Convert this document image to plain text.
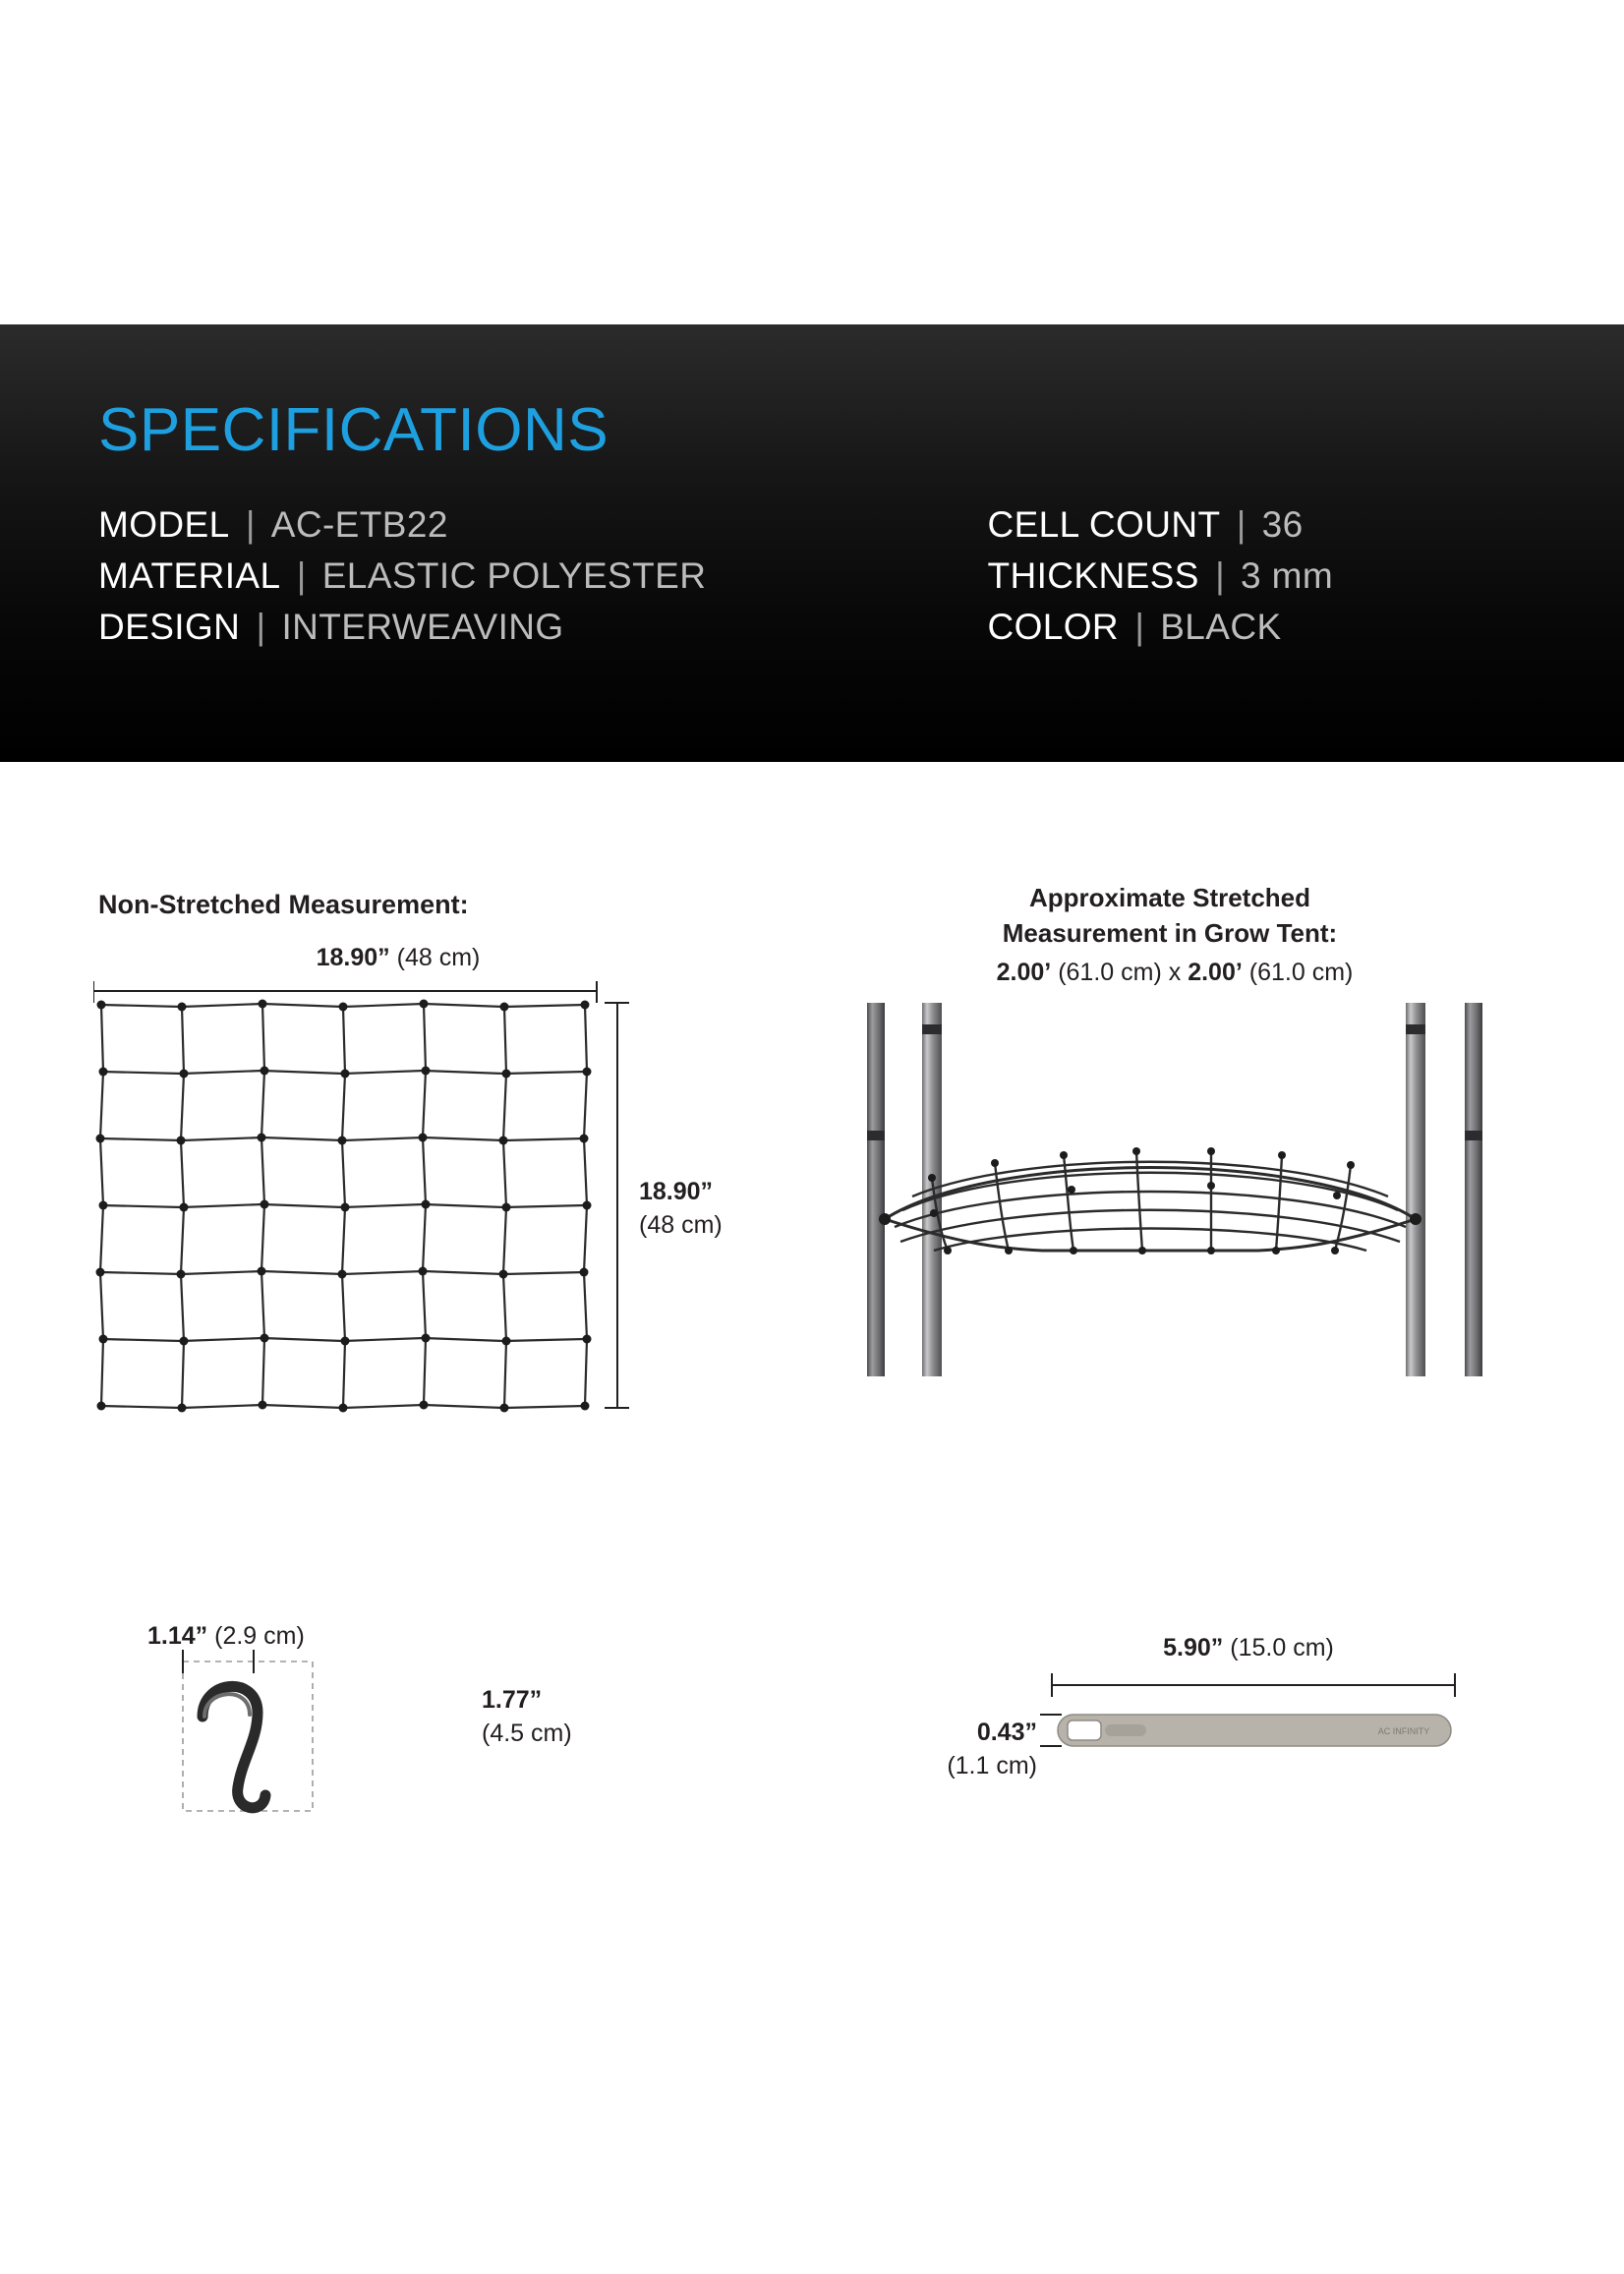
SPECIFICATIONS
MODEL | AC-ETB22
MATERIAL | ELASTIC POLYESTER
DESIGN | INTERWEAVING

CELL COUNT | 36
THICKNESS | 3 mm
COLOR | BLACK
Non-Stretched Measurement:	Approximate Stretched
Measurement in Grow Tent:
2.00’ (61.0 cm) x 2.00’ (61.0 cm)
18.90” (48 cm)
18.90”
(48 cm)
1.14” (2.9 cm)
1.77”
(4.5 cm)
5.90” (15.0 cm)
0.43”
(1.1 cm)
AC INFINITY
